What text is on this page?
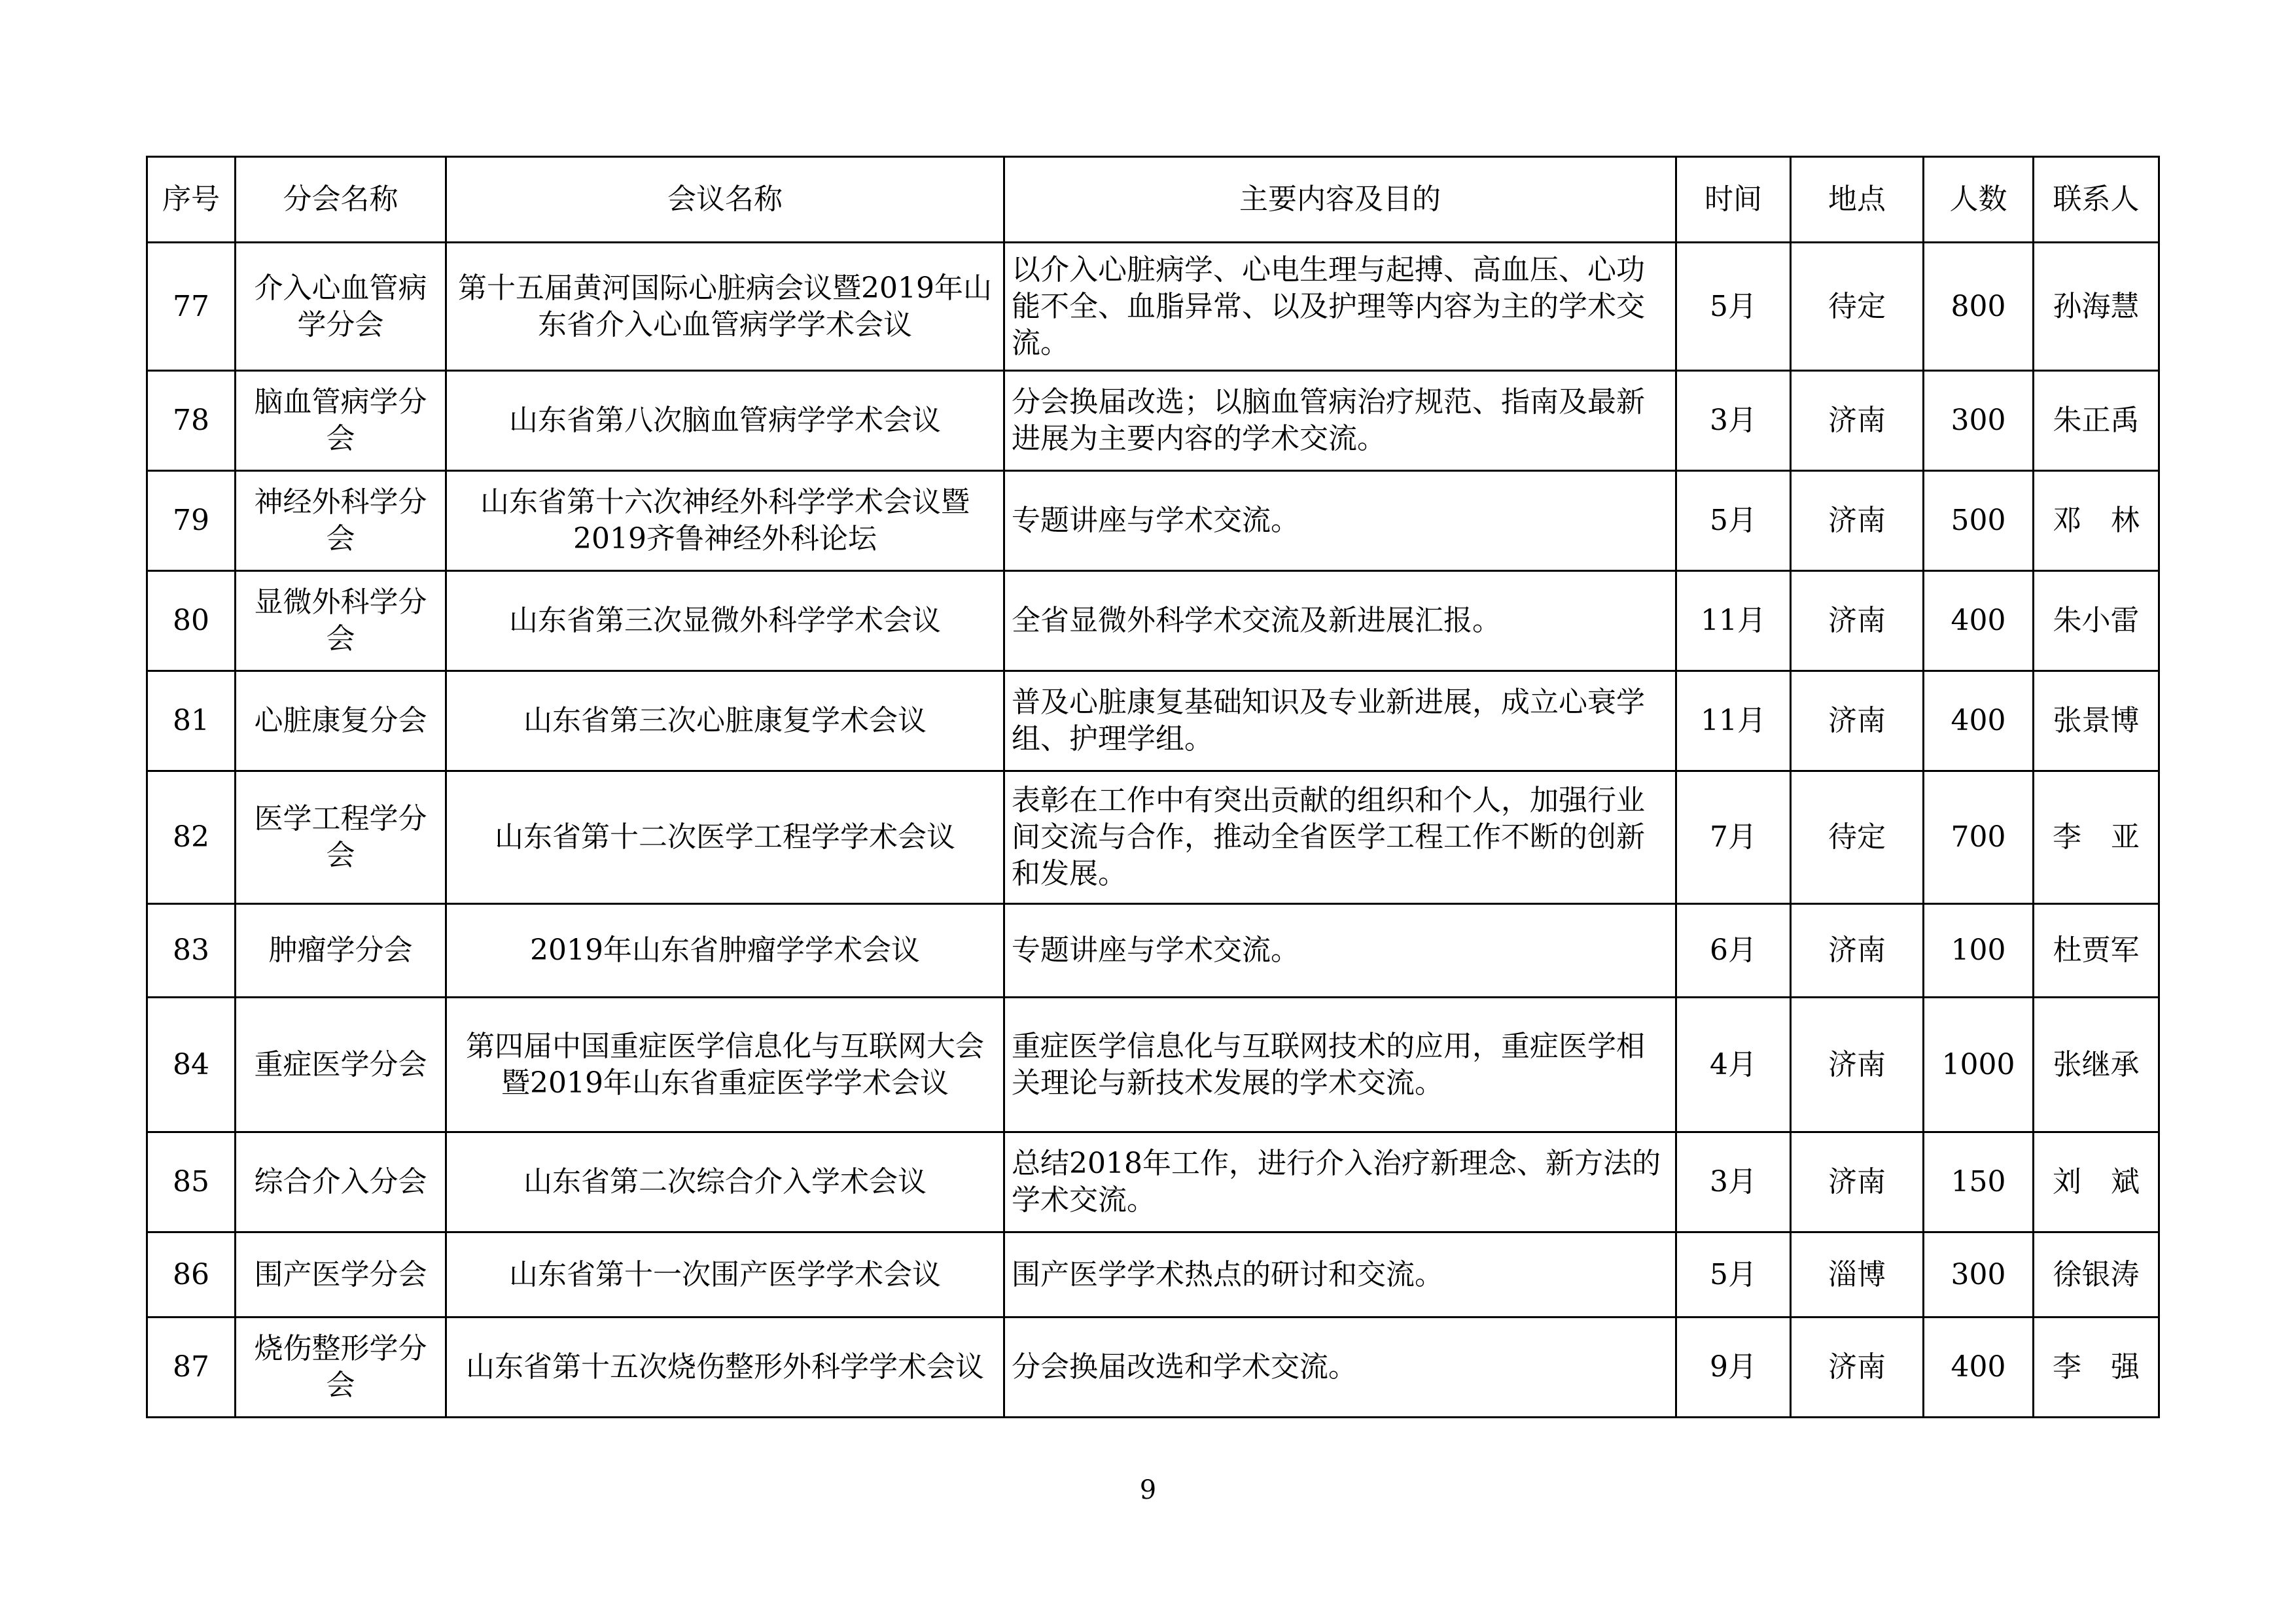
序号	分会名称	会议名称	主要内容及目的	时间	地点	人数	联系人
77	介入心血管病学分会	第十五届黄河国际心脏病会议暨2019年山东省介入心血管病学学术会议	以介入心脏病学、心电生理与起搏、高血压、心功能不全、血脂异常、以及护理等内容为主的学术交流。	5月	待定	800	孙海慧
78	脑血管病学分会	山东省第八次脑血管病学学术会议	分会换届改选；以脑血管病治疗规范、指南及最新进展为主要内容的学术交流。	3月	济南	300	朱正禹
79	神经外科学分会	山东省第十六次神经外科学学术会议暨2019齐鲁神经外科论坛	专题讲座与学术交流。	5月	济南	500	邓 林
80	显微外科学分会	山东省第三次显微外科学学术会议	全省显微外科学术交流及新进展汇报。	11月	济南	400	朱小雷
81	心脏康复分会	山东省第三次心脏康复学术会议	普及心脏康复基础知识及专业新进展，成立心衰学组、护理学组。	11月	济南	400	张景博
82	医学工程学分会	山东省第十二次医学工程学学术会议	表彰在工作中有突出贡献的组织和个人，加强行业间交流与合作，推动全省医学工程工作不断的创新和发展。	7月	待定	700	李 亚
83	肿瘤学分会	2019年山东省肿瘤学学术会议	专题讲座与学术交流。	6月	济南	100	杜贾军
84	重症医学分会	第四届中国重症医学信息化与互联网大会暨2019年山东省重症医学学术会议	重症医学信息化与互联网技术的应用，重症医学相关理论与新技术发展的学术交流。	4月	济南	1000	张继承
85	综合介入分会	山东省第二次综合介入学术会议	总结2018年工作，进行介入治疗新理念、新方法的学术交流。	3月	济南	150	刘 斌
86	围产医学分会	山东省第十一次围产医学学术会议	围产医学学术热点的研讨和交流。	5月	淄博	300	徐银涛
87	烧伤整形学分会	山东省第十五次烧伤整形外科学学术会议	分会换届改选和学术交流。	9月	济南	400	李 强
9
